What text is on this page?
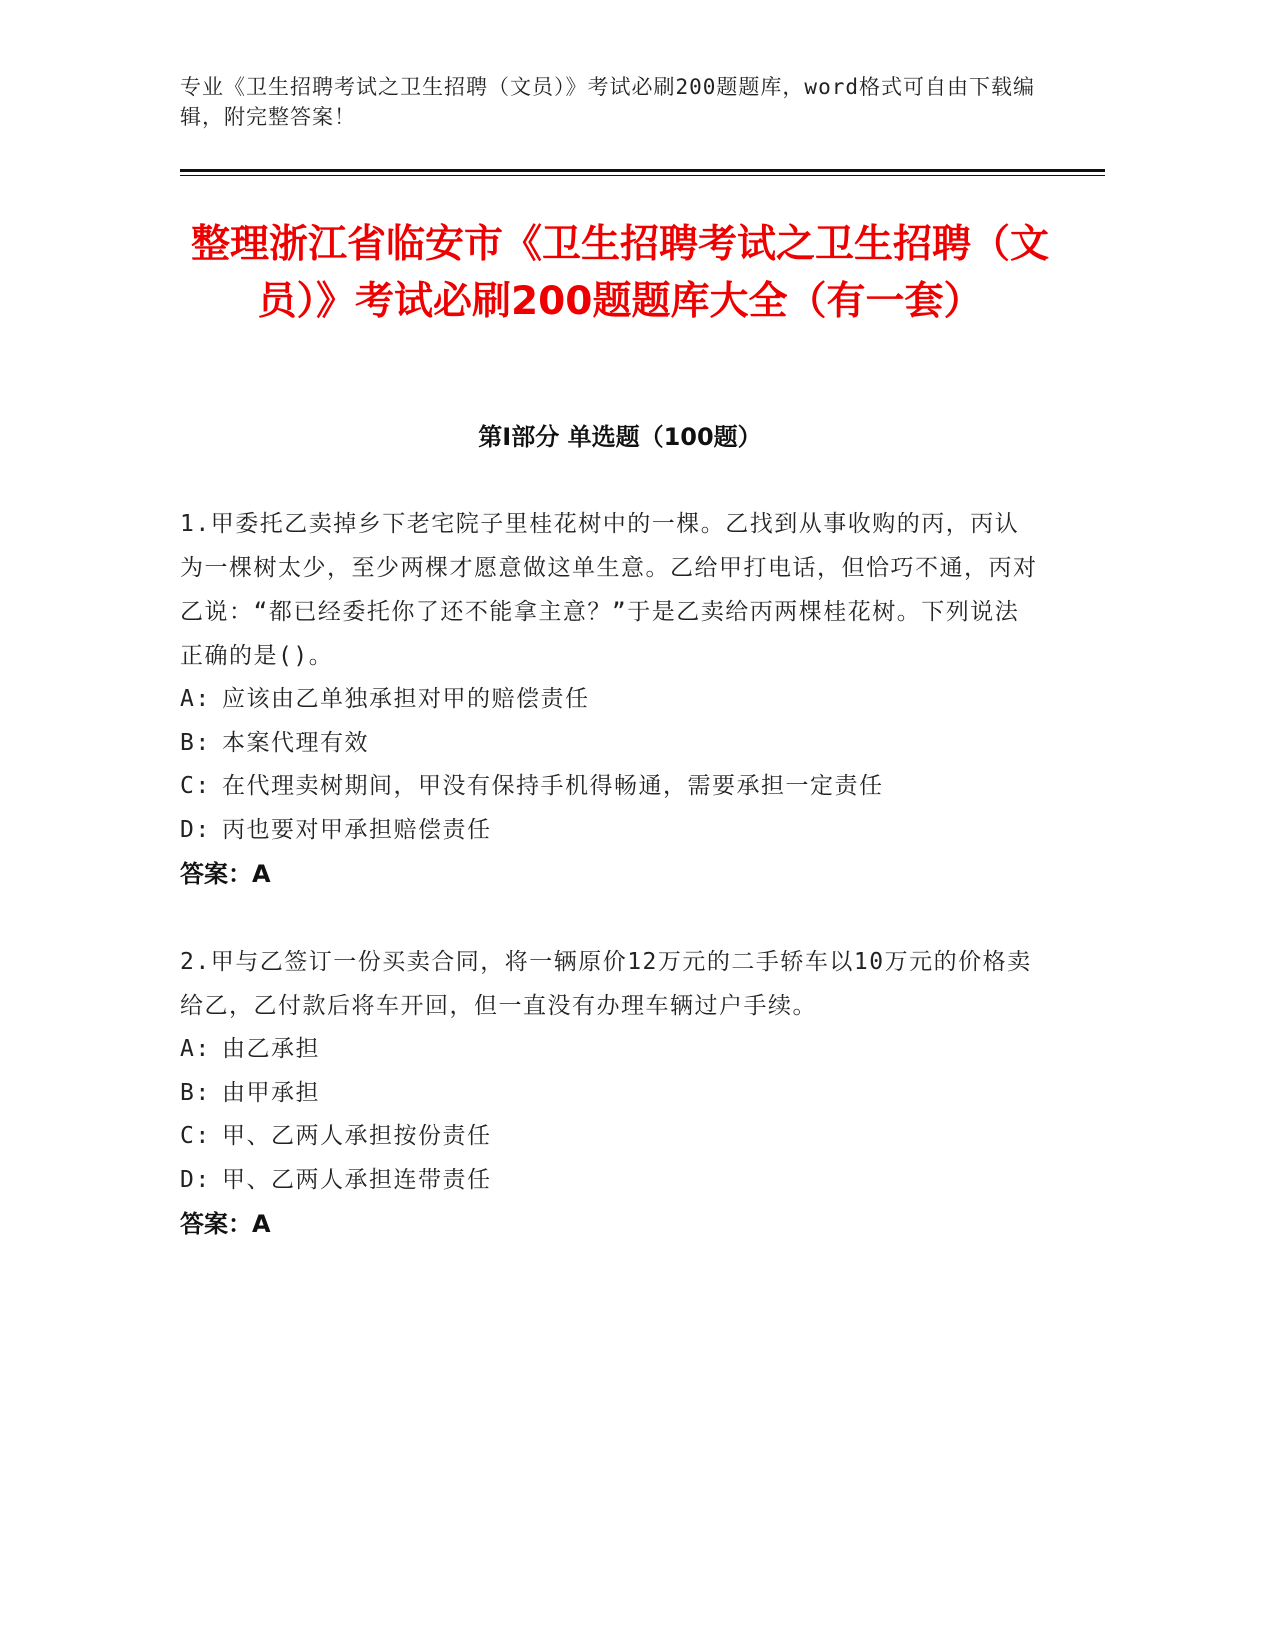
专业《卫生招聘考试之卫生招聘（文员）》考试必刷200题题库，word格式可自由下载编辑，附完整答案！
整理浙江省临安市《卫生招聘考试之卫生招聘（文员）》考试必刷200题题库大全（有一套）
第I部分 单选题（100题）

1.甲委托乙卖掉乡下老宅院子里桂花树中的一棵。乙找到从事收购的丙，丙认为一棵树太少，至少两棵才愿意做这单生意。乙给甲打电话，但恰巧不通，丙对乙说：“都已经委托你了还不能拿主意？”于是乙卖给丙两棵桂花树。下列说法正确的是()。

A: 应该由乙单独承担对甲的赔偿责任
B: 本案代理有效
C: 在代理卖树期间，甲没有保持手机得畅通，需要承担一定责任
D: 丙也要对甲承担赔偿责任
答案：A

2.甲与乙签订一份买卖合同，将一辆原价12万元的二手轿车以10万元的价格卖给乙，乙付款后将车开回，但一直没有办理车辆过户手续。

A: 由乙承担
B: 由甲承担
C: 甲、乙两人承担按份责任
D: 甲、乙两人承担连带责任
答案：A
